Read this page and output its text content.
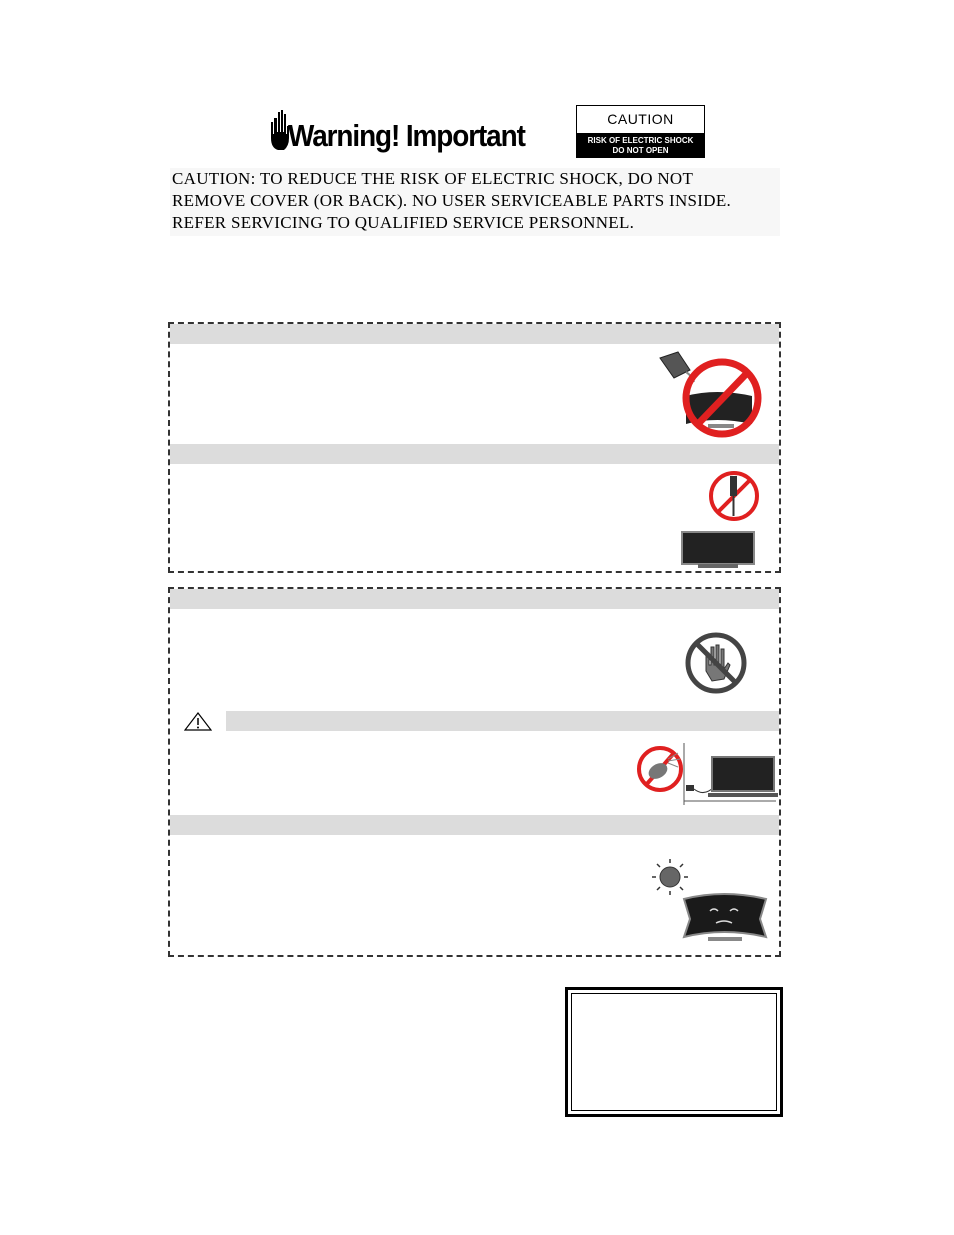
Warning! Important	CAUTION
RISK OF ELECTRIC SHOCK
DO NOT OPEN
CAUTION: TO REDUCE THE RISK OF ELECTRIC SHOCK, DO NOT
REMOVE COVER (OR BACK). NO USER SERVICEABLE PARTS INSIDE.
REFER SERVICING TO QUALIFIED SERVICE PERSONNEL.
